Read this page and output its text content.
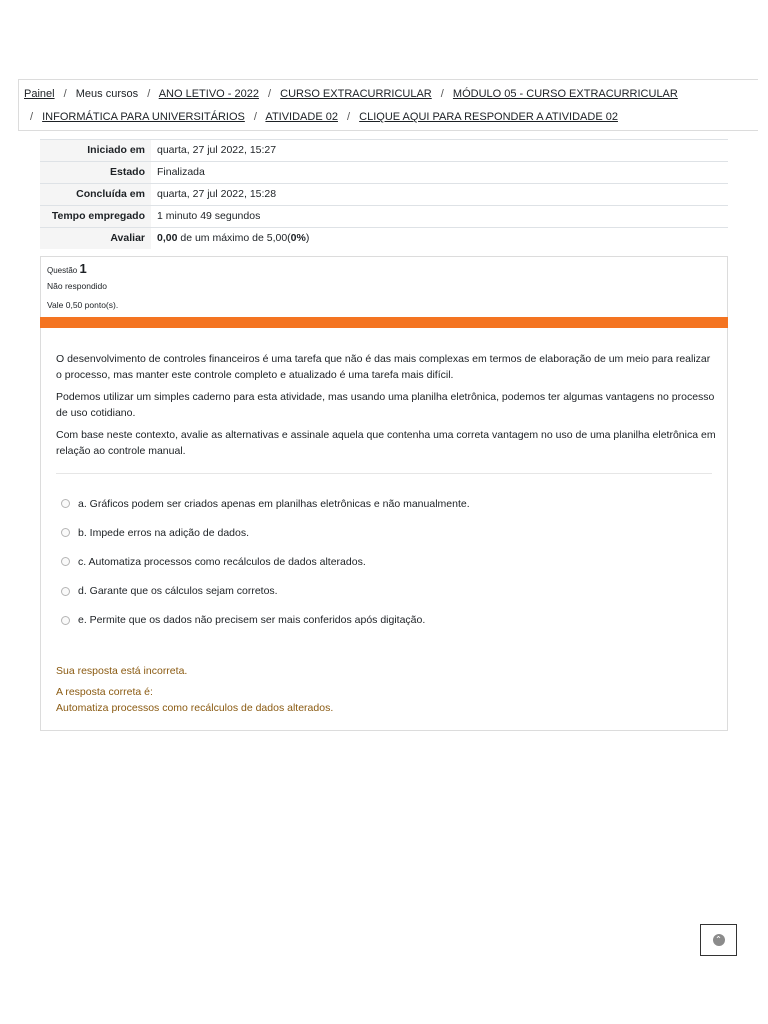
Painel / Meus cursos / ANO LETIVO - 2022 / CURSO EXTRACURRICULAR / MÓDULO 05 - CURSO EXTRACURRICULAR
/ INFORMÁTICA PARA UNIVERSITÁRIOS / ATIVIDADE 02 / CLIQUE AQUI PARA RESPONDER A ATIVIDADE 02
Iniciado em	quarta, 27 jul 2022, 15:27
Estado	Finalizada
Concluída em	quarta, 27 jul 2022, 15:28
Tempo empregado	1 minuto 49 segundos
Avaliar	0,00 de um máximo de 5,00(0%)
Questão 1
Não respondido
Vale 0,50 ponto(s).

O desenvolvimento de controles financeiros é uma tarefa que não é das mais complexas em termos de elaboração de um meio para realizar o processo, mas manter este controle completo e atualizado é uma tarefa mais difícil.

Podemos utilizar um simples caderno para esta atividade, mas usando uma planilha eletrônica, podemos ter algumas vantagens no processo de uso cotidiano.

Com base neste contexto, avalie as alternativas e assinale aquela que contenha uma correta vantagem no uso de uma planilha eletrônica em relação ao controle manual.

a. Gráficos podem ser criados apenas em planilhas eletrônicas e não manualmente.
b. Impede erros na adição de dados.
c. Automatiza processos como recálculos de dados alterados.
d. Garante que os cálculos sejam corretos.
e. Permite que os dados não precisem ser mais conferidos após digitação.
Sua resposta está incorreta.
A resposta correta é:
Automatiza processos como recálculos de dados alterados.
⌃
